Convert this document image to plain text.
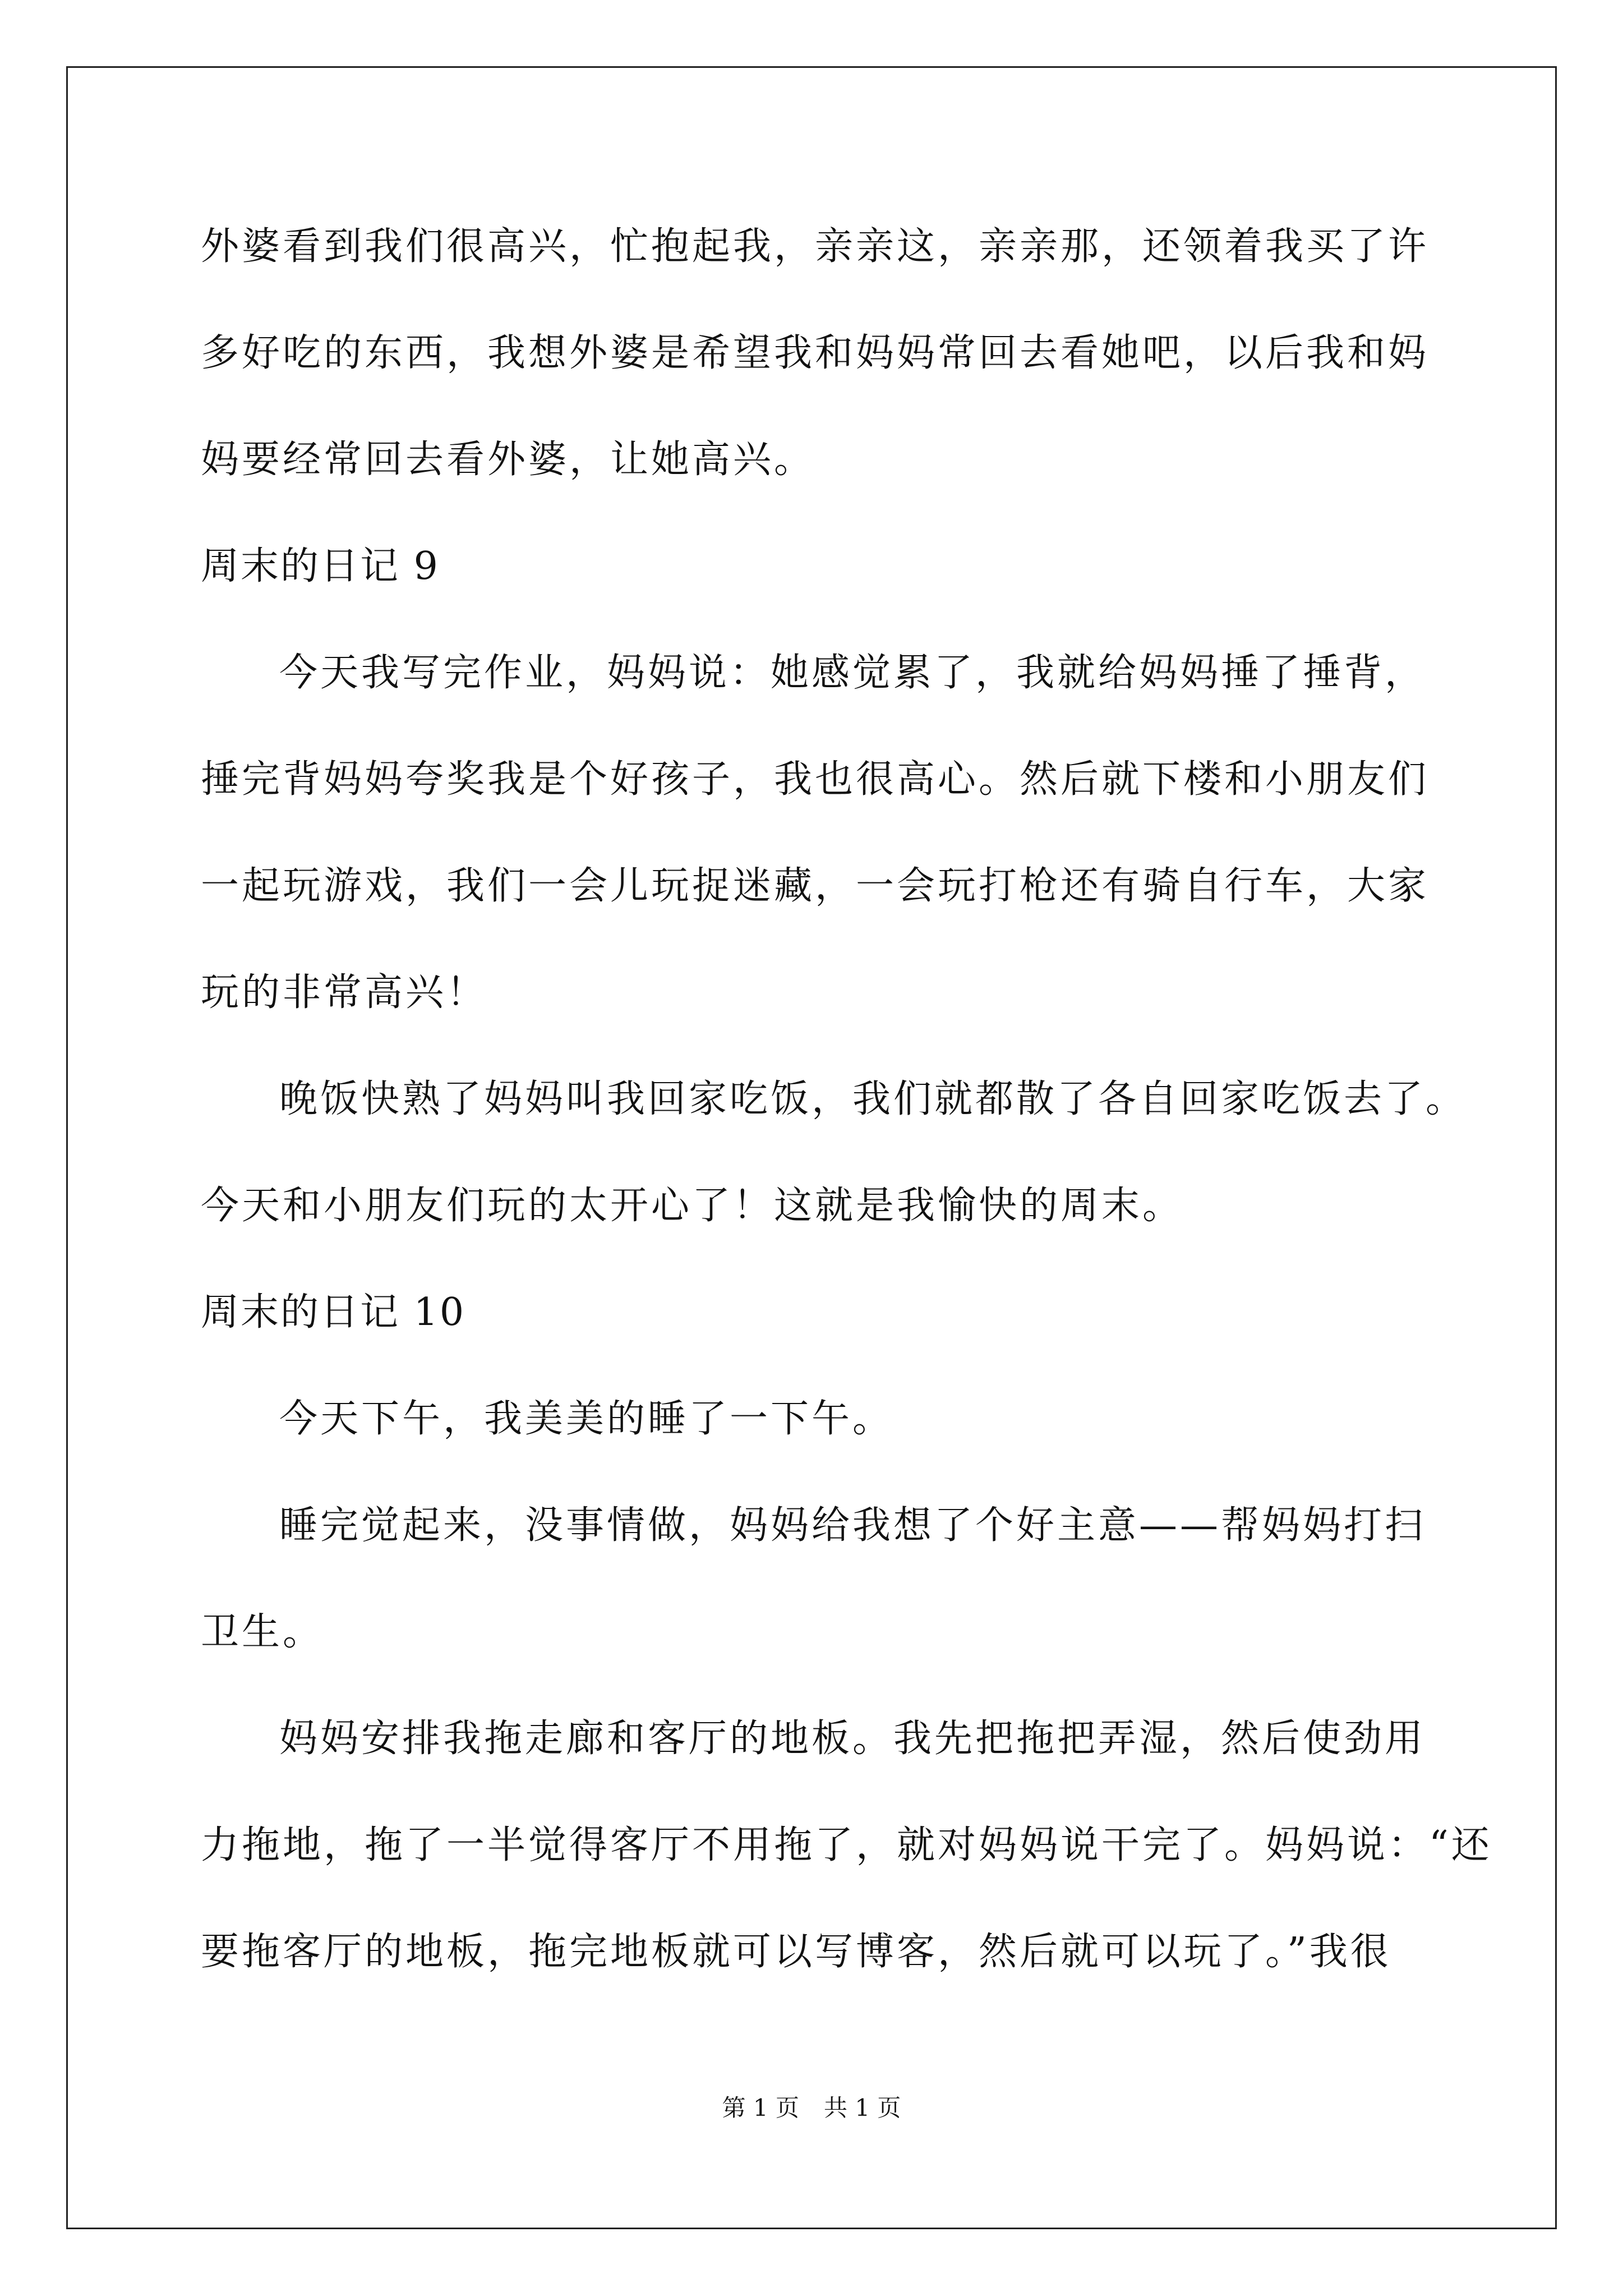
外婆看到我们很高兴，忙抱起我，亲亲这，亲亲那，还领着我买了许
多好吃的东西，我想外婆是希望我和妈妈常回去看她吧，以后我和妈
妈要经常回去看外婆，让她高兴。
周末的日记 9
今天我写完作业，妈妈说：她感觉累了，我就给妈妈捶了捶背，
捶完背妈妈夸奖我是个好孩子，我也很高心。然后就下楼和小朋友们
一起玩游戏，我们一会儿玩捉迷藏，一会玩打枪还有骑自行车，大家
玩的非常高兴！
晚饭快熟了妈妈叫我回家吃饭，我们就都散了各自回家吃饭去了。
今天和小朋友们玩的太开心了！这就是我愉快的周末。
周末的日记 10
今天下午，我美美的睡了一下午。
睡完觉起来，没事情做，妈妈给我想了个好主意——帮妈妈打扫
卫生。
妈妈安排我拖走廊和客厅的地板。我先把拖把弄湿，然后使劲用
力拖地，拖了一半觉得客厅不用拖了，就对妈妈说干完了。妈妈说：“还
要拖客厅的地板，拖完地板就可以写博客，然后就可以玩了。”我很
第 1 页 共 1 页
